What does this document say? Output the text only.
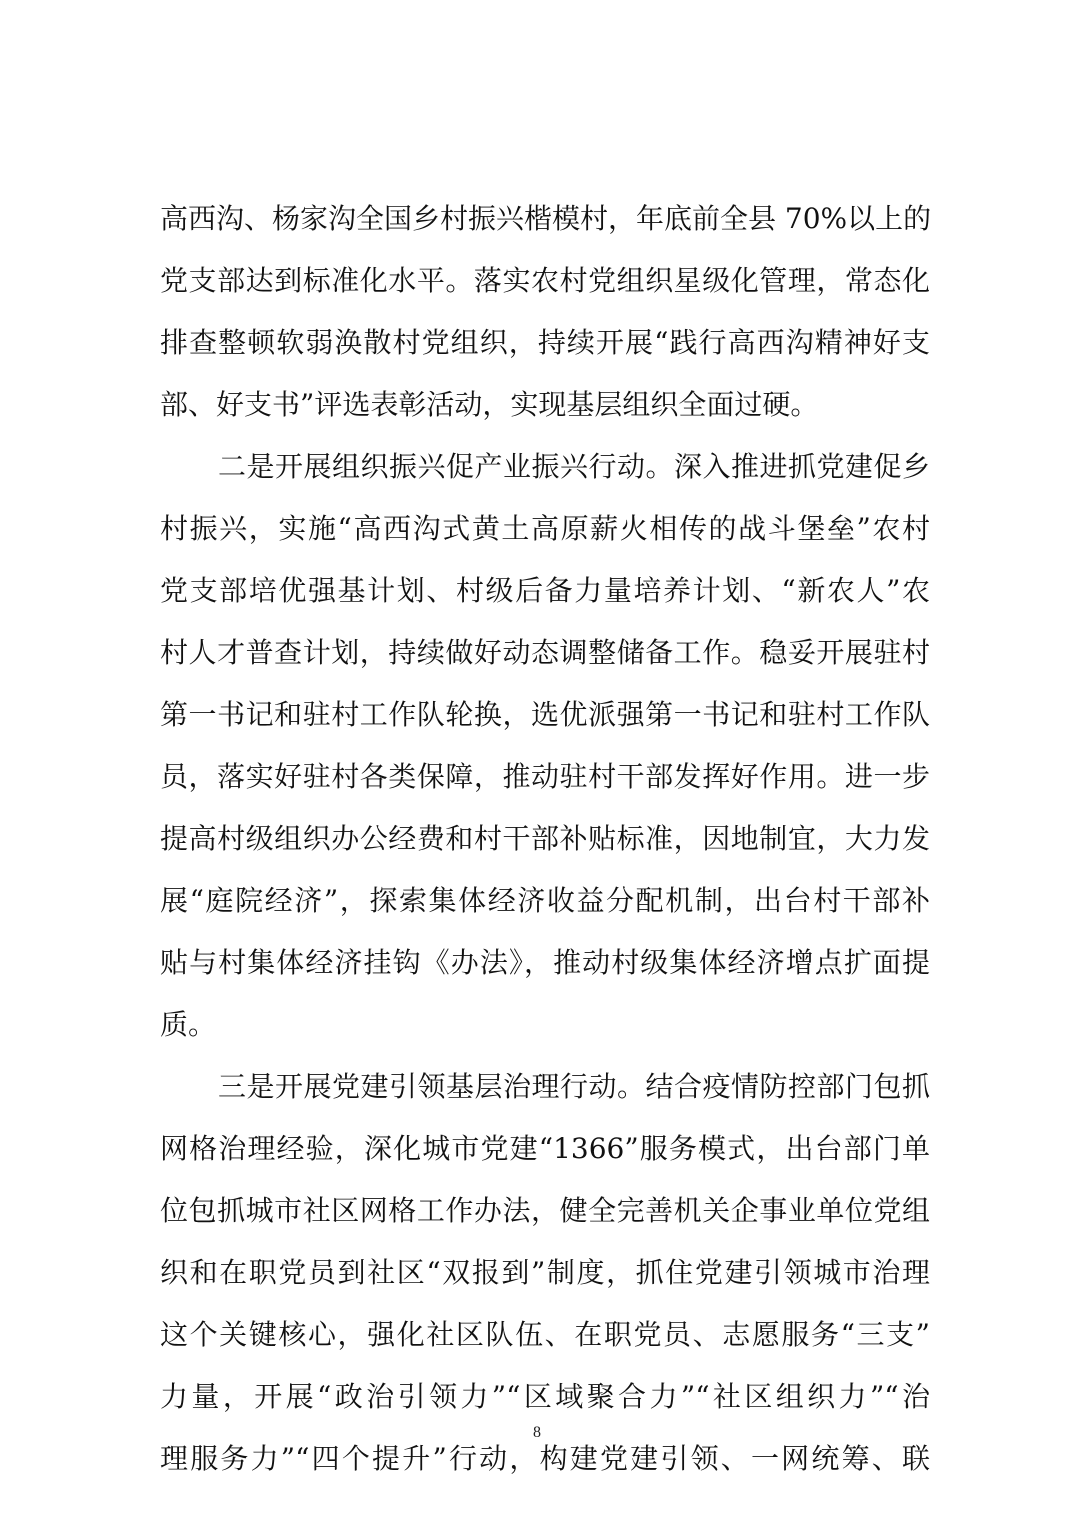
高西沟、杨家沟全国乡村振兴楷模村，年底前全县 70%以上的
党支部达到标准化水平。落实农村党组织星级化管理，常态化
排查整顿软弱涣散村党组织，持续开展“践行高西沟精神好支
部、好支书”评选表彰活动，实现基层组织全面过硬。
二是开展组织振兴促产业振兴行动。深入推进抓党建促乡
村振兴，实施“高西沟式黄土高原薪火相传的战斗堡垒”农村
党支部培优强基计划、村级后备力量培养计划、“新农人”农
村人才普查计划，持续做好动态调整储备工作。稳妥开展驻村
第一书记和驻村工作队轮换，选优派强第一书记和驻村工作队
员，落实好驻村各类保障，推动驻村干部发挥好作用。进一步
提高村级组织办公经费和村干部补贴标准，因地制宜，大力发
展“庭院经济”，探索集体经济收益分配机制，出台村干部补
贴与村集体经济挂钩《办法》，推动村级集体经济增点扩面提
质。
三是开展党建引领基层治理行动。结合疫情防控部门包抓
网格治理经验，深化城市党建“1366”服务模式，出台部门单
位包抓城市社区网格工作办法，健全完善机关企事业单位党组
织和在职党员到社区“双报到”制度，抓住党建引领城市治理
这个关键核心，强化社区队伍、在职党员、志愿服务“三支”
力量，开展“政治引领力”“区域聚合力”“社区组织力”“治
理服务力”“四个提升”行动，构建党建引领、一网统筹、联
8
